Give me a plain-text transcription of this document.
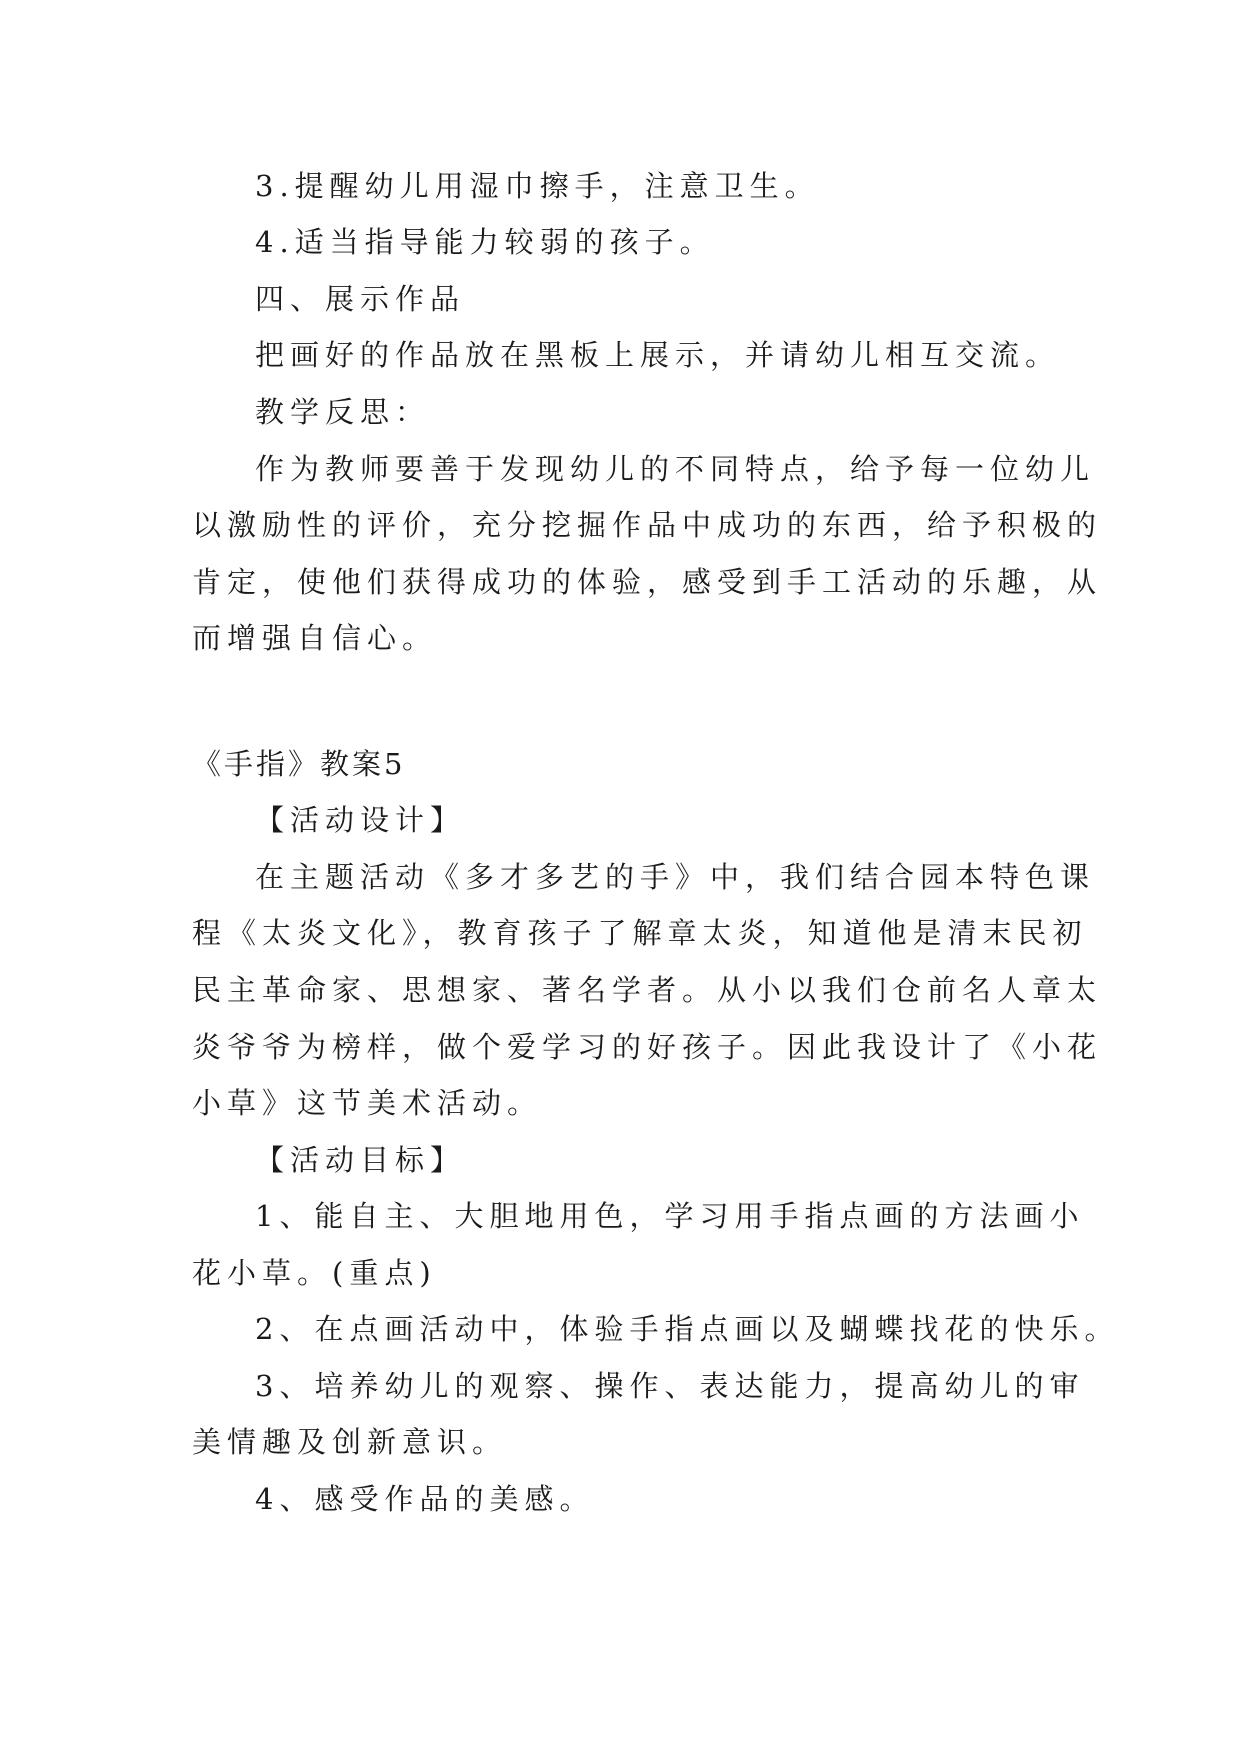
3.提醒幼儿用湿巾擦手，注意卫生。

4.适当指导能力较弱的孩子。

四、展示作品

把画好的作品放在黑板上展示，并请幼儿相互交流。

教学反思：

作为教师要善于发现幼儿的不同特点，给予每一位幼儿

以激励性的评价，充分挖掘作品中成功的东西，给予积极的

肯定，使他们获得成功的体验，感受到手工活动的乐趣，从

而增强自信心。

《手指》教案5

【活动设计】

在主题活动《多才多艺的手》中，我们结合园本特色课

程《太炎文化》，教育孩子了解章太炎，知道他是清末民初

民主革命家、思想家、著名学者。从小以我们仓前名人章太

炎爷爷为榜样，做个爱学习的好孩子。因此我设计了《小花

小草》这节美术活动。

【活动目标】

1、能自主、大胆地用色，学习用手指点画的方法画小

花小草。(重点)

2、在点画活动中，体验手指点画以及蝴蝶找花的快乐。

3、培养幼儿的观察、操作、表达能力，提高幼儿的审

美情趣及创新意识。

4、感受作品的美感。
